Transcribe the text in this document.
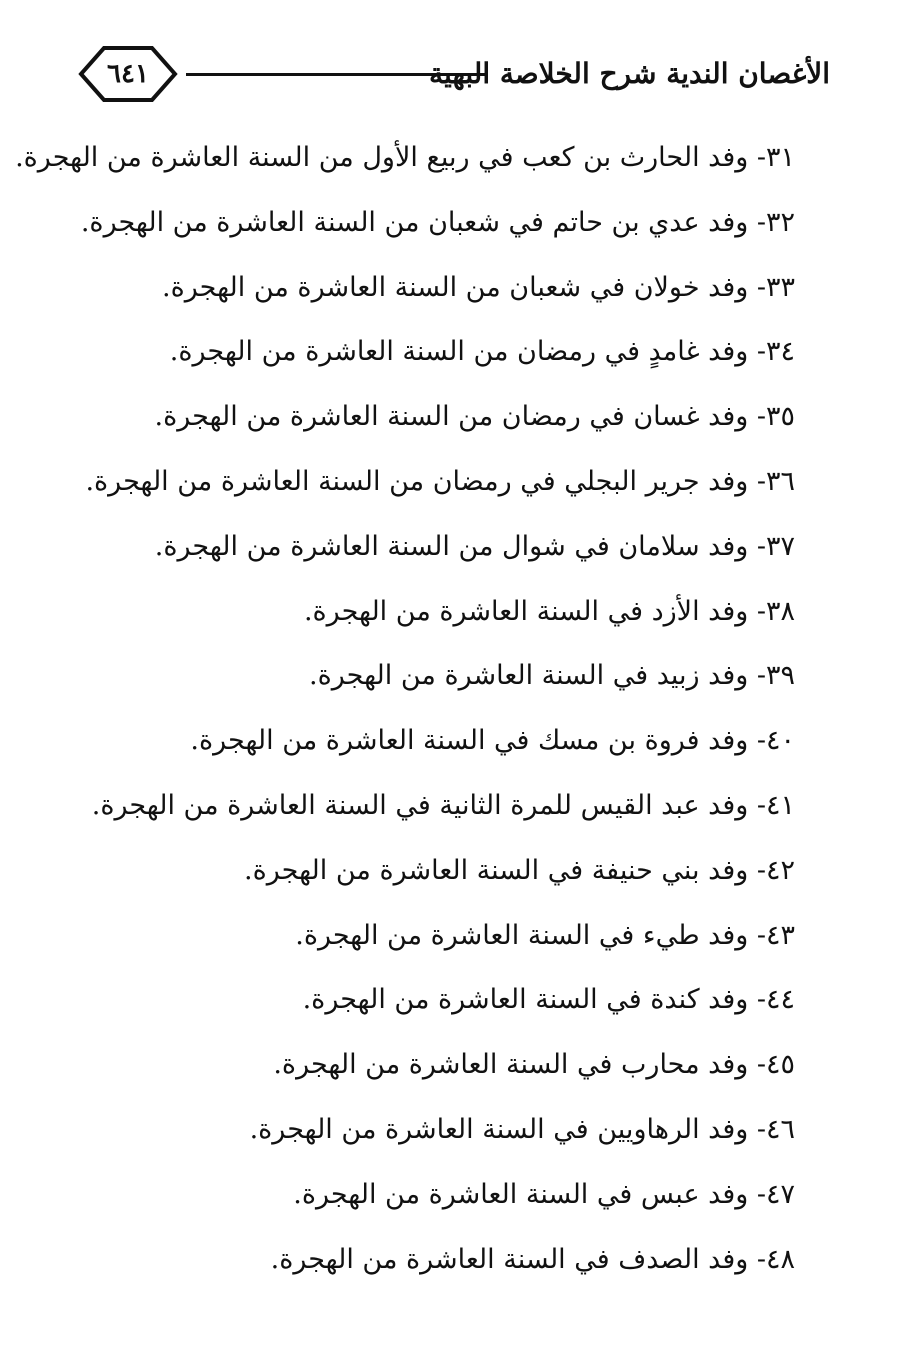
٦٤١	الأغصان الندية شرح الخلاصة البهية
٣١- وفد الحارث بن كعب في ربيع الأول من السنة العاشرة من الهجرة.
٣٢- وفد عدي بن حاتم في شعبان من السنة العاشرة من الهجرة.
٣٣- وفد خولان في شعبان من السنة العاشرة من الهجرة.
٣٤- وفد غامدٍ في رمضان من السنة العاشرة من الهجرة.
٣٥- وفد غسان في رمضان من السنة العاشرة من الهجرة.
٣٦- وفد جرير البجلي في رمضان من السنة العاشرة من الهجرة.
٣٧- وفد سلامان في شوال من السنة العاشرة من الهجرة.
٣٨- وفد الأزد في السنة العاشرة من الهجرة.
٣٩- وفد زبيد في السنة العاشرة من الهجرة.
٤٠- وفد فروة بن مسك في السنة العاشرة من الهجرة.
٤١- وفد عبد القيس للمرة الثانية في السنة العاشرة من الهجرة.
٤٢- وفد بني حنيفة في السنة العاشرة من الهجرة.
٤٣- وفد طيء في السنة العاشرة من الهجرة.
٤٤- وفد كندة في السنة العاشرة من الهجرة.
٤٥- وفد محارب في السنة العاشرة من الهجرة.
٤٦- وفد الرهاويين في السنة العاشرة من الهجرة.
٤٧- وفد عبس في السنة العاشرة من الهجرة.
٤٨- وفد الصدف في السنة العاشرة من الهجرة.
